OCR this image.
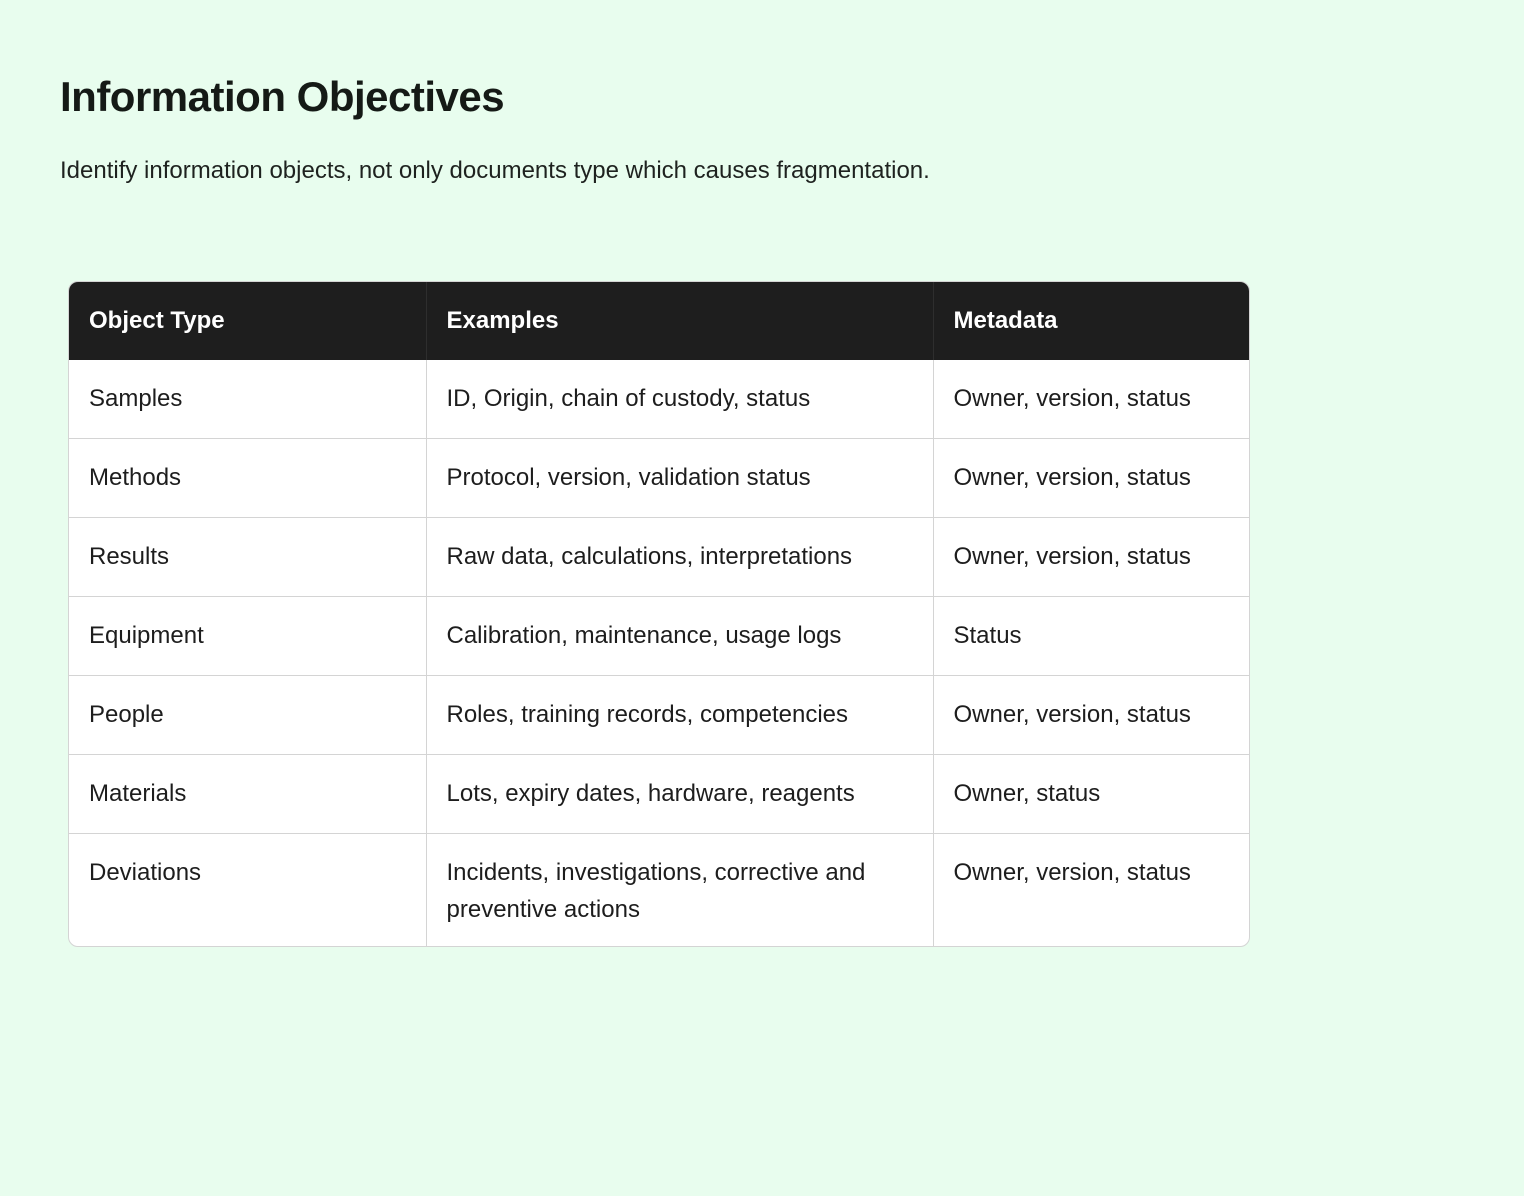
Information Objectives

Identify information objects, not only documents type which causes fragmentation.

Object Type	Examples	Metadata
Samples	ID, Origin, chain of custody, status	Owner, version, status
Methods	Protocol, version, validation status	Owner, version, status
Results	Raw data, calculations, interpretations	Owner, version, status
Equipment	Calibration, maintenance, usage logs	Status
People	Roles, training records, competencies	Owner, version, status
Materials	Lots, expiry dates, hardware, reagents	Owner, status
Deviations	Incidents, investigations, corrective and preventive actions	Owner, version, status
